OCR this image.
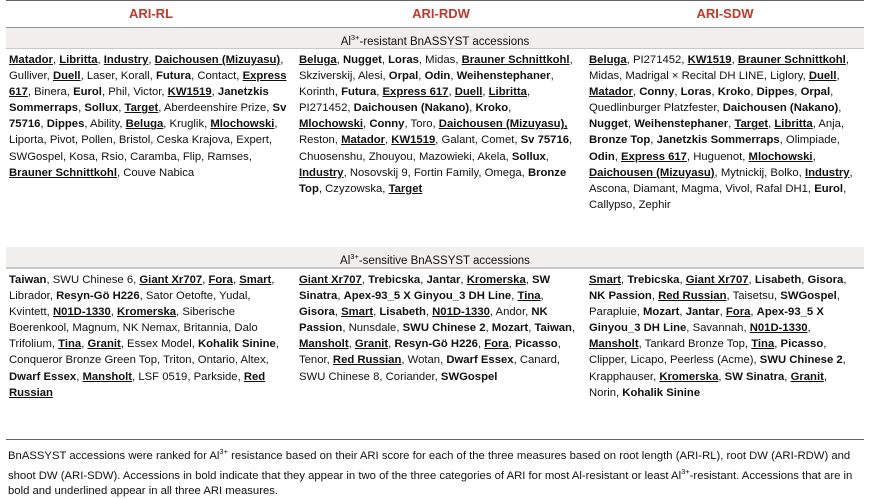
ARI-RL	ARI-RDW	ARI-SDW
$Al^{3+}$-resistant BnASSYST accessions
Matador, Libritta, Industry, Daichousen (Mizuyasu), Gulliver, Duell, Laser, Korall, Futura, Contact, Express 617, Binera, Eurol, Phil, Victor, KW1519, Janetzkis Sommerraps, Sollux, Target, Aberdeenshire Prize, Sv 75716, Dippes, Ability, Beluga, Kruglik, Mlochowski, Liporta, Pivot, Pollen, Bristol, Ceska Krajova, Expert, SWGospel, Kosa, Rsio, Caramba, Flip, Ramses, Brauner Schnittkohl, Couve Nabica
Beluga, Nugget, Loras, Midas, Brauner Schnittkohl, Skziverskij, Alesi, Orpal, Odin, Weihenstephaner, Korinth, Futura, Express 617, Duell, Libritta, PI271452, Daichousen (Nakano), Kroko, Mlochowski, Conny, Toro, Daichousen (Mizuyasu), Reston, Matador, KW1519, Galant, Comet, Sv 75716, Chuosenshu, Zhouyou, Mazowieki, Akela, Sollux, Industry, Nosovskij 9, Fortin Family, Omega, Bronze Top, Czyzowska, Target
Beluga, PI271452, KW1519, Brauner Schnittkohl, Midas, Madrigal × Recital DH LINE, Liglory, Duell, Matador, Conny, Loras, Kroko, Dippes, Orpal, Quedlinburger Platzfester, Daichousen (Nakano), Nugget, Weihenstephaner, Target, Libritta, Anja, Bronze Top, Janetzkis Sommerraps, Olimpiade, Odin, Express 617, Huguenot, Mlochowski, Daichousen (Mizuyasu), Mytnickij, Bolko, Industry, Ascona, Diamant, Magma, Vivol, Rafal DH1, Eurol, Callypso, Zephir
$Al^{3+}$-sensitive BnASSYST accessions
Taiwan, SWU Chinese 6, Giant Xr707, Fora, Smart, Librador, Resyn-Gö H226, Sator Oetofte, Yudal, Kvintett, N01D-1330, Kromerska, Siberische Boerenkool, Magnum, NK Nemax, Britannia, Dalo Trifolium, Tina, Granit, Essex Model, Kohalik Sinine, Conqueror Bronze Green Top, Triton, Ontario, Altex, Dwarf Essex, Mansholt, LSF 0519, Parkside, Red Russian
Giant Xr707, Trebicska, Jantar, Kromerska, SW Sinatra, Apex-93_5 X Ginyou_3 DH Line, Tina, Gisora, Smart, Lisabeth, N01D-1330, Andor, NK Passion, Nunsdale, SWU Chinese 2, Mozart, Taiwan, Mansholt, Granit, Resyn-Gö H226, Fora, Picasso, Tenor, Red Russian, Wotan, Dwarf Essex, Canard, SWU Chinese 8, Coriander, SWGospel
Smart, Trebicska, Giant Xr707, Lisabeth, Gisora, NK Passion, Red Russian, Taisetsu, SWGospel, Parapluie, Mozart, Jantar, Fora, Apex-93_5 X Ginyou_3 DH Line, Savannah, N01D-1330, Mansholt, Tankard Bronze Top, Tina, Picasso, Clipper, Licapo, Peerless (Acme), SWU Chinese 2, Krapphauser, Kromerska, SW Sinatra, Granit, Norin, Kohalik Sinine
BnASSYST accessions were ranked for $Al^{3+}$ resistance based on their ARI score for each of the three measures based on root length (ARI-RL), root DW (ARI-RDW) and shoot DW (ARI-SDW). Accessions in bold indicate that they appear in two of the three categories of ARI for most Al-resistant or least $Al^{3+}$-resistant. Accessions that are in bold and underlined appear in all three ARI measures.
